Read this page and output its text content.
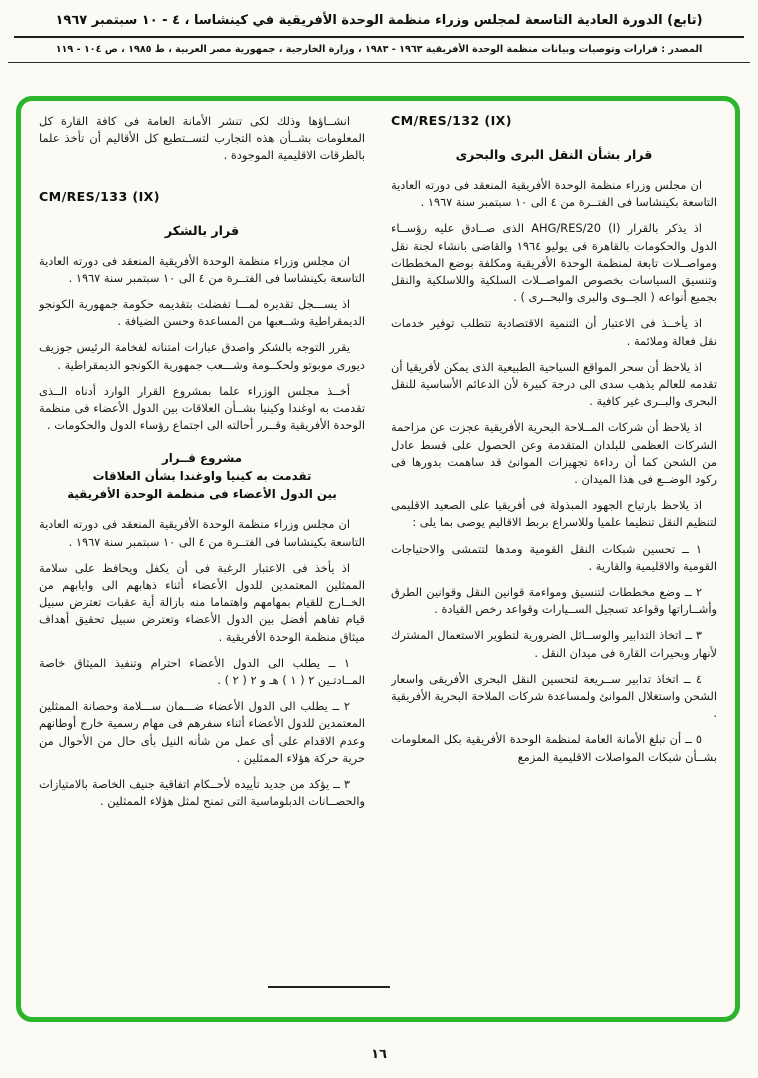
(تابع) الدورة العادية التاسعة لمجلس وزراء منظمة الوحدة الأفريقية في كينشاسا ، ٤ - ١٠ سبتمبر ١٩٦٧
المصدر : قرارات وتوصيات وبيانات منظمة الوحدة الأفريقية ١٩٦٣ - ١٩٨٣ ، وزارة الخارجية ، جمهورية مصر العربية ، ط ١٩٨٥ ، ص ١٠٤ - ١١٩
CM/RES/132 (IX)
قرار بشأن النقل البرى والبحرى

ان مجلس وزراء منظمة الوحدة الأفريقية المنعقد فى دورته العادية التاسعة بكينشاسا فى الفتــرة من ٤ الى ١٠ سبتمبر سنة ١٩٦٧ .

اذ يذكر بالقرار ‎AHG/RES/20 (I)‎ الذى صــادق عليه رؤســاء الدول والحكومات بالقاهرة فى يوليو ١٩٦٤ والقاضى بانشاء لجنة نقل ومواصــلات تابعة لمنظمة الوحدة الأفريقية ومكلفة بوضع المخططات وتنسيق السياسات بخصوص المواصــلات السلكية واللاسلكية والنقل بجميع أنواعه ( الجــوى والبرى والبحــرى ) .

اذ يأخــذ فى الاعتبار أن التنمية الاقتصادية تتطلب توفير خدمات نقل فعالة وملائمة .

اذ يلاحظ أن سحر المواقع السياحية الطبيعية الذى يمكن لأفريقيا أن تقدمه للعالم يذهب سدى الى درجة كبيرة لأن الدعائم الأساسية للنقل البحرى والبــرى غير كافية .

اذ يلاحظ أن شركات المــلاحة البحرية الأفريقية عجزت عن مزاحمة الشركات العظمى للبلدان المتقدمة وعن الحصول على قسط عادل من الشحن كما أن رداءة تجهيزات الموانئ قد ساهمت بدورها فى ركود الوضــع فى هذا الميدان .

اذ يلاحظ بارتياح الجهود المبذولة فى أفريقيا على الصعيد الاقليمى لتنظيم النقل تنظيما علميا وللاسراع بربط الاقاليم يوصى بما يلى :

١ ــ تحسين شبكات النقل القومية ومدها لتتمشى والاحتياجات القومية والاقليمية والقارية .

٢ ــ وضع مخططات لتنسيق ومواءمة قوانين النقل وقوانين الطرق وأشــاراتها وقواعد تسجيل الســيارات وقواعد رخص القيادة .

٣ ــ اتخاذ التدابير والوســائل الضرورية لتطوير الاستعمال المشترك لأنهار وبحيرات القارة فى ميدان النقل .

٤ ــ اتخاذ تدابير ســريعة لتحسين النقل البحرى الأفريقى واسعار الشحن واستغلال الموانئ ولمساعدة شركات الملاحة البحرية الأفريقية .

٥ ــ أن تبلغ الأمانة العامة لمنظمة الوحدة الأفريقية بكل المعلومات بشــأن شبكات المواصلات الاقليمية المزمع

انشــاؤها وذلك لكى تنشر الأمانة العامة فى كافة القارة كل المعلومات بشــأن هذه التجارب لتســتطيع كل الأقاليم أن تأخذ علما بالطرقات الاقليمية الموجودة .

CM/RES/133 (IX)
قرار بالشكر

ان مجلس وزراء منظمة الوحدة الأفريقية المنعقد فى دورته العادية التاسعة بكينشاسا فى الفتــرة من ٤ الى ١٠ سبتمبر سنة ١٩٦٧ .

اذ يســـجل تقديره لمـــا تفضلت بتقديمه حكومة جمهورية الكونجو الديمقراطية وشــعبها من المساعدة وحسن الضيافة .

يقرر التوجه بالشكر واصدق عبارات امتنانه لفخامة الرئيس جوزيف ديورى موبوتو ولحكــومة وشـــعب جمهورية الكونجو الديمقراطية .

أخــذ مجلس الوزراء علما بمشروع القرار الوارد أدناه الــذى تقدمت به اوغندا وكينيا بشــأن العلاقات بين الدول الأعضاء فى منظمة الوحدة الأفريقية وقــرر أحالته الى اجتماع رؤساء الدول والحكومات .

مشروع قــرار
تقدمت به كينيا واوغندا بشأن العلاقات
بين الدول الأعضاء فى منظمة الوحدة الأفريقية

ان مجلس وزراء منظمة الوحدة الأفريقية المنعقد فى دورته العادية التاسعة بكينشاسا فى الفتــرة من ٤ الى ١٠ سبتمبر سنة ١٩٦٧ .

اذ يأخذ فى الاعتبار الرغبة فى أن يكفل ويحافظ على سلامة الممثلين المعتمدين للدول الأعضاء أثناء ذهابهم الى وايابهم من الخــارج للقيام بمهامهم واهتماما منه بازالة أية عقبات تعترض سبيل قيام تفاهم أفضل بين الدول الأعضاء وتعترض سبيل تحقيق أهداف ميثاق منظمة الوحدة الأفريقية .

١ ــ يطلب الى الدول الأعضاء احترام وتنفيذ الميثاق خاصة المــادتـين ٢ ( ١ ) هـ و ٢ ( ٢ ) .

٢ ــ يطلب الى الدول الأعضاء ضـــمان ســـلامة وحصانة الممثلين المعتمدين للدول الأعضاء أثناء سفرهم فى مهام رسمية خارج أوطانهم وعدم الاقدام على أى عمل من شأنه النيل بأى حال من الأحوال من حرية حركة هؤلاء الممثلين .

٣ ــ يؤكد من جديد تأييده لأحــكام اتفاقية جنيف الخاصة بالامتيازات والحصــانات الدبلوماسية التى تمنح لمثل هؤلاء الممثلين .

١٦
